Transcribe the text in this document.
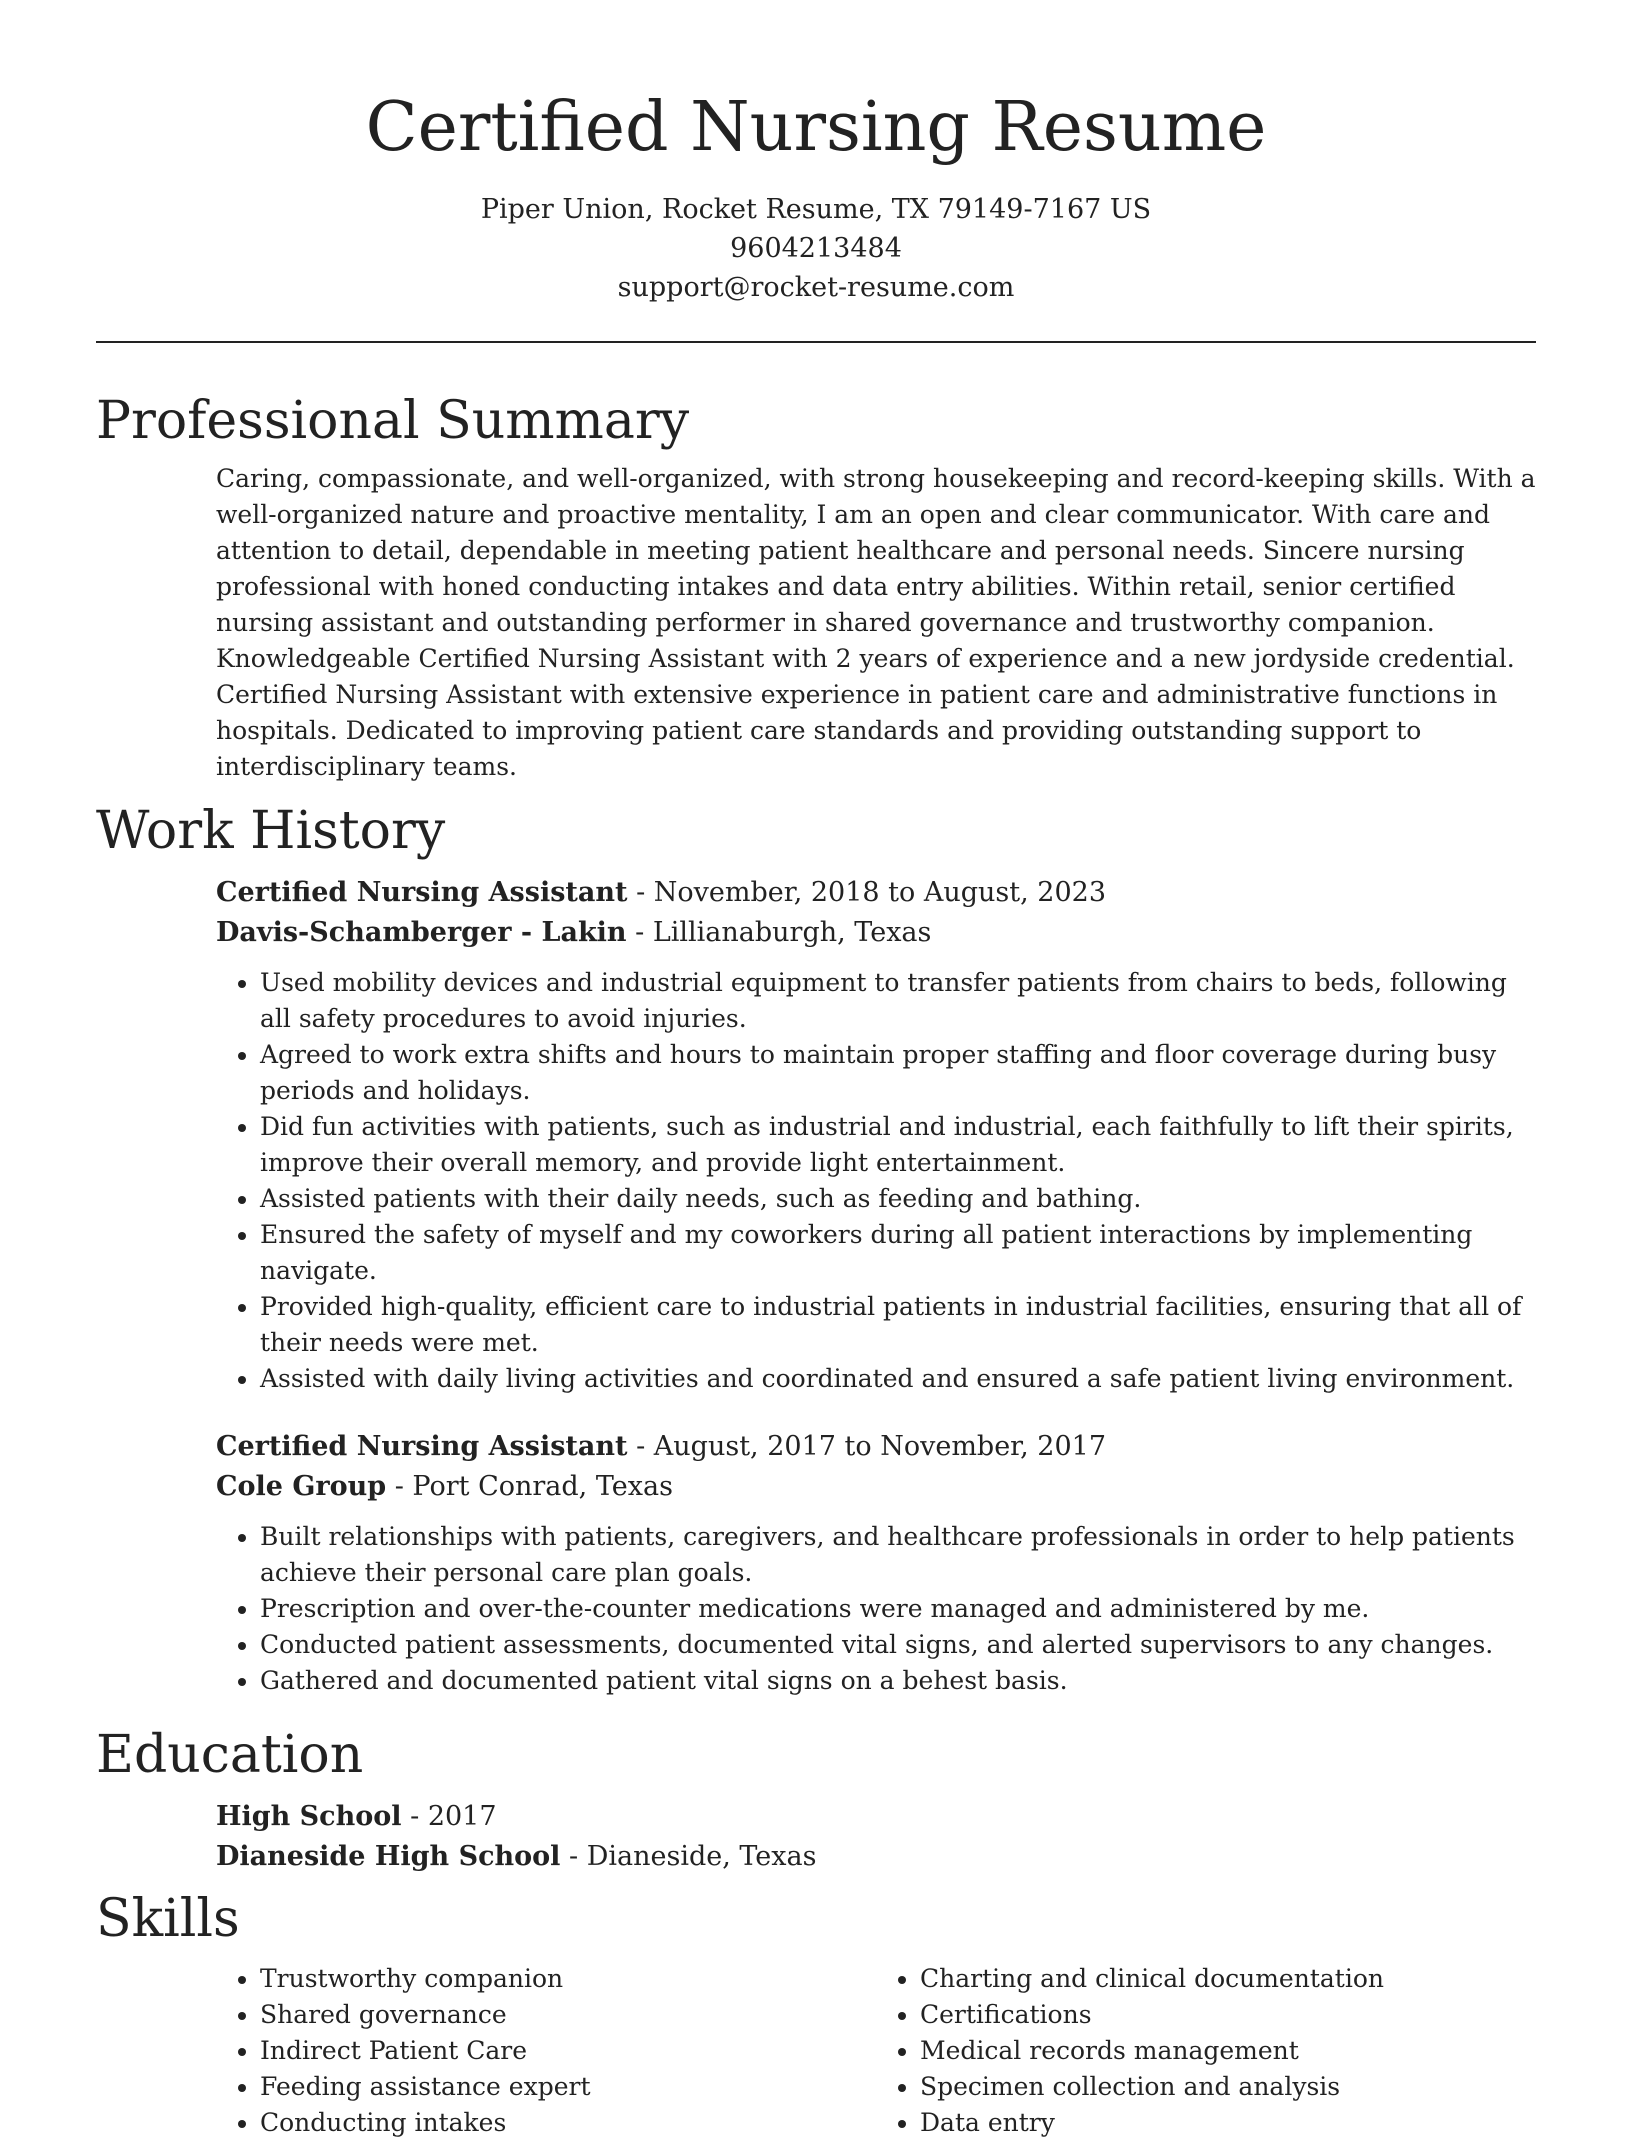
Certified Nursing Resume
Piper Union, Rocket Resume, TX 79149-7167 US
9604213484
support@rocket-resume.com
Professional Summary

Caring, compassionate, and well-organized, with strong housekeeping and record-keeping skills. With a well-organized nature and proactive mentality, I am an open and clear communicator. With care and attention to detail, dependable in meeting patient healthcare and personal needs. Sincere nursing professional with honed conducting intakes and data entry abilities. Within retail, senior certified nursing assistant and outstanding performer in shared governance and trustworthy companion. Knowledgeable Certified Nursing Assistant with 2 years of experience and a new jordyside credential. Certified Nursing Assistant with extensive experience in patient care and administrative functions in hospitals. Dedicated to improving patient care standards and providing outstanding support to interdisciplinary teams.

Work History

Certified Nursing Assistant - November, 2018 to August, 2023

Davis-Schamberger - Lakin - Lillianaburgh, Texas

• Used mobility devices and industrial equipment to transfer patients from chairs to beds, following all safety procedures to avoid injuries.
• Agreed to work extra shifts and hours to maintain proper staffing and floor coverage during busy periods and holidays.
• Did fun activities with patients, such as industrial and industrial, each faithfully to lift their spirits, improve their overall memory, and provide light entertainment.
• Assisted patients with their daily needs, such as feeding and bathing.
• Ensured the safety of myself and my coworkers during all patient interactions by implementing navigate.
• Provided high-quality, efficient care to industrial patients in industrial facilities, ensuring that all of their needs were met.
• Assisted with daily living activities and coordinated and ensured a safe patient living environment.

Certified Nursing Assistant - August, 2017 to November, 2017

Cole Group - Port Conrad, Texas

• Built relationships with patients, caregivers, and healthcare professionals in order to help patients achieve their personal care plan goals.
• Prescription and over-the-counter medications were managed and administered by me.
• Conducted patient assessments, documented vital signs, and alerted supervisors to any changes.
• Gathered and documented patient vital signs on a behest basis.
Education

High School - 2017

Dianeside High School - Dianeside, Texas

Skills
• Trustworthy companion
• Shared governance
• Indirect Patient Care
• Feeding assistance expert
• Conducting intakes
• Charting and clinical documentation
• Certifications
• Medical records management
• Specimen collection and analysis
• Data entry
